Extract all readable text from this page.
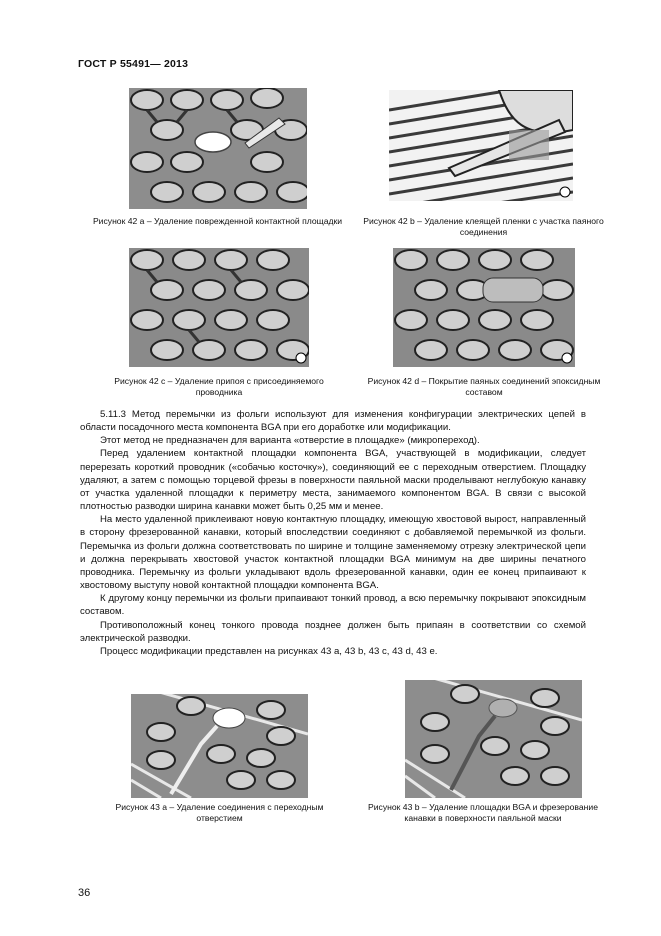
ГОСТ Р 55491— 2013
Рисунок 42 a – Удаление поврежденной контактной площадки	Рисунок 42 b – Удаление клеящей пленки с участка паяного соединения
Рисунок 42 c – Удаление припоя с присоединяемого проводника
Рисунок 42 d – Покрытие паяных соединений эпоксидным составом

5.11.3 Метод перемычки из фольги используют для изменения конфигурации электрических цепей в области посадочного места компонента BGA при его доработке или модификации.

Этот метод не предназначен для варианта «отверстие в площадке» (микропереход).

Перед удалением контактной площадки компонента BGA, участвующей в модификации, следует перерезать короткий проводник («собачью косточку»), соединяющий ее с переходным отверстием. Площадку удаляют, а затем с помощью торцевой фрезы в поверхности паяльной маски проделывают неглубокую канавку от участка удаленной площадки к периметру места, занимаемого компонентом BGA. В связи с высокой плотностью разводки ширина канавки может быть 0,25 мм и менее.

На место удаленной приклеивают новую контактную площадку, имеющую хвостовой вырост, направленный в сторону фрезерованной канавки, который впоследствии соединяют с добавляемой перемычкой из фольги. Перемычка из фольги должна соответствовать по ширине и толщине заменяемому отрезку электрической цепи и должна перекрывать хвостовой участок контактной площадки BGA минимум на две ширины печатного проводника. Перемычку из фольги укладывают вдоль фрезерованной канавки, один ее конец припаивают к хвостовому выступу новой контактной площадки компонента BGA.

К другому концу перемычки из фольги припаивают тонкий провод, а всю перемычку покрывают эпоксидным составом.

Противоположный конец тонкого провода позднее должен быть припаян в соответствии со схемой электрической разводки.

Процесс модификации представлен на рисунках 43 a, 43 b, 43 c, 43 d, 43 e.

Рисунок 43 a – Удаление соединения с переходным отверстием
Рисунок 43 b – Удаление площадки BGA и фрезерование канавки в поверхности паяльной маски
36
